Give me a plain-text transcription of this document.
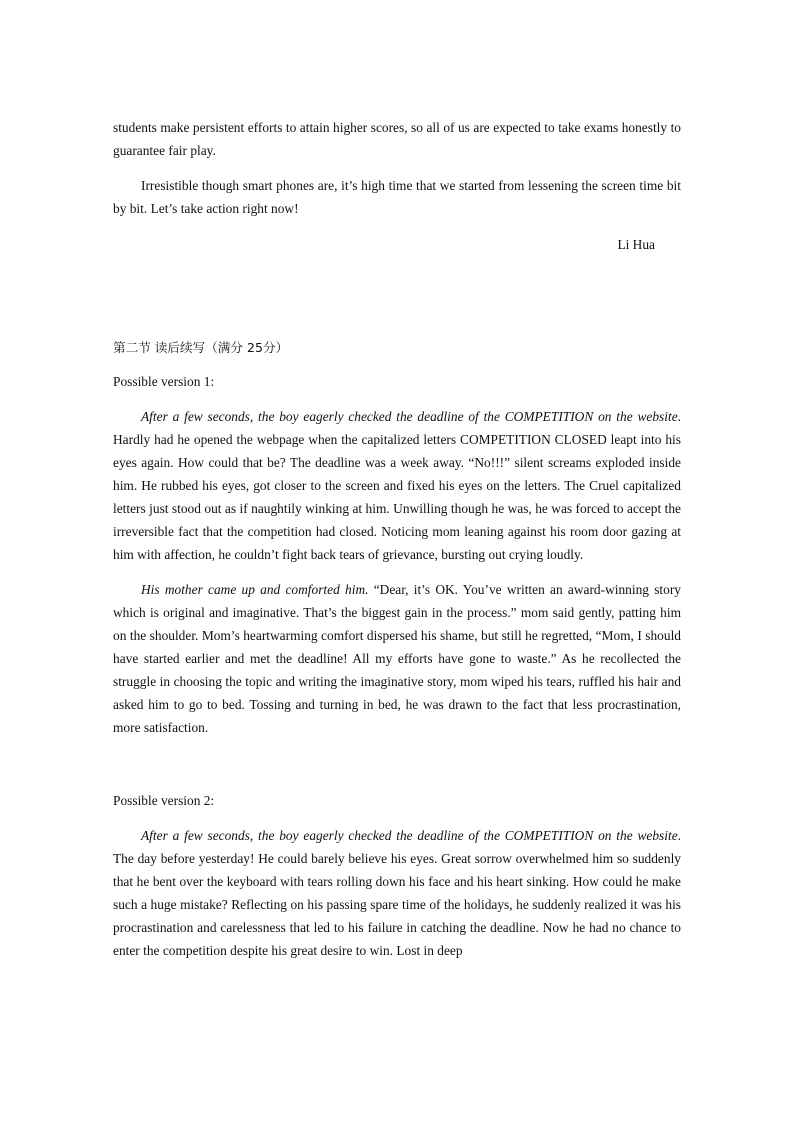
students make persistent efforts to attain higher scores, so all of us are expected to take exams honestly to guarantee fair play.

Irresistible though smart phones are, it’s high time that we started from lessening the screen time bit by bit. Let’s take action right now!

Li Hua

第二节 读后续写（满分 25分）

Possible version 1:

After a few seconds, the boy eagerly checked the deadline of the COMPETITION on the website. Hardly had he opened the webpage when the capitalized letters COMPETITION CLOSED leapt into his eyes again. How could that be? The deadline was a week away. “No!!!” silent screams exploded inside him. He rubbed his eyes, got closer to the screen and fixed his eyes on the letters. The Cruel capitalized letters just stood out as if naughtily winking at him. Unwilling though he was, he was forced to accept the irreversible fact that the competition had closed. Noticing mom leaning against his room door gazing at him with affection, he couldn’t fight back tears of grievance, bursting out crying loudly.

His mother came up and comforted him. “Dear, it’s OK. You’ve written an award-winning story which is original and imaginative. That’s the biggest gain in the process.” mom said gently, patting him on the shoulder. Mom’s heartwarming comfort dispersed his shame, but still he regretted, “Mom, I should have started earlier and met the deadline! All my efforts have gone to waste.” As he recollected the struggle in choosing the topic and writing the imaginative story, mom wiped his tears, ruffled his hair and asked him to go to bed. Tossing and turning in bed, he was drawn to the fact that less procrastination, more satisfaction.

Possible version 2:

After a few seconds, the boy eagerly checked the deadline of the COMPETITION on the website. The day before yesterday! He could barely believe his eyes. Great sorrow overwhelmed him so suddenly that he bent over the keyboard with tears rolling down his face and his heart sinking. How could he make such a huge mistake? Reflecting on his passing spare time of the holidays, he suddenly realized it was his procrastination and carelessness that led to his failure in catching the deadline. Now he had no chance to enter the competition despite his great desire to win. Lost in deep
